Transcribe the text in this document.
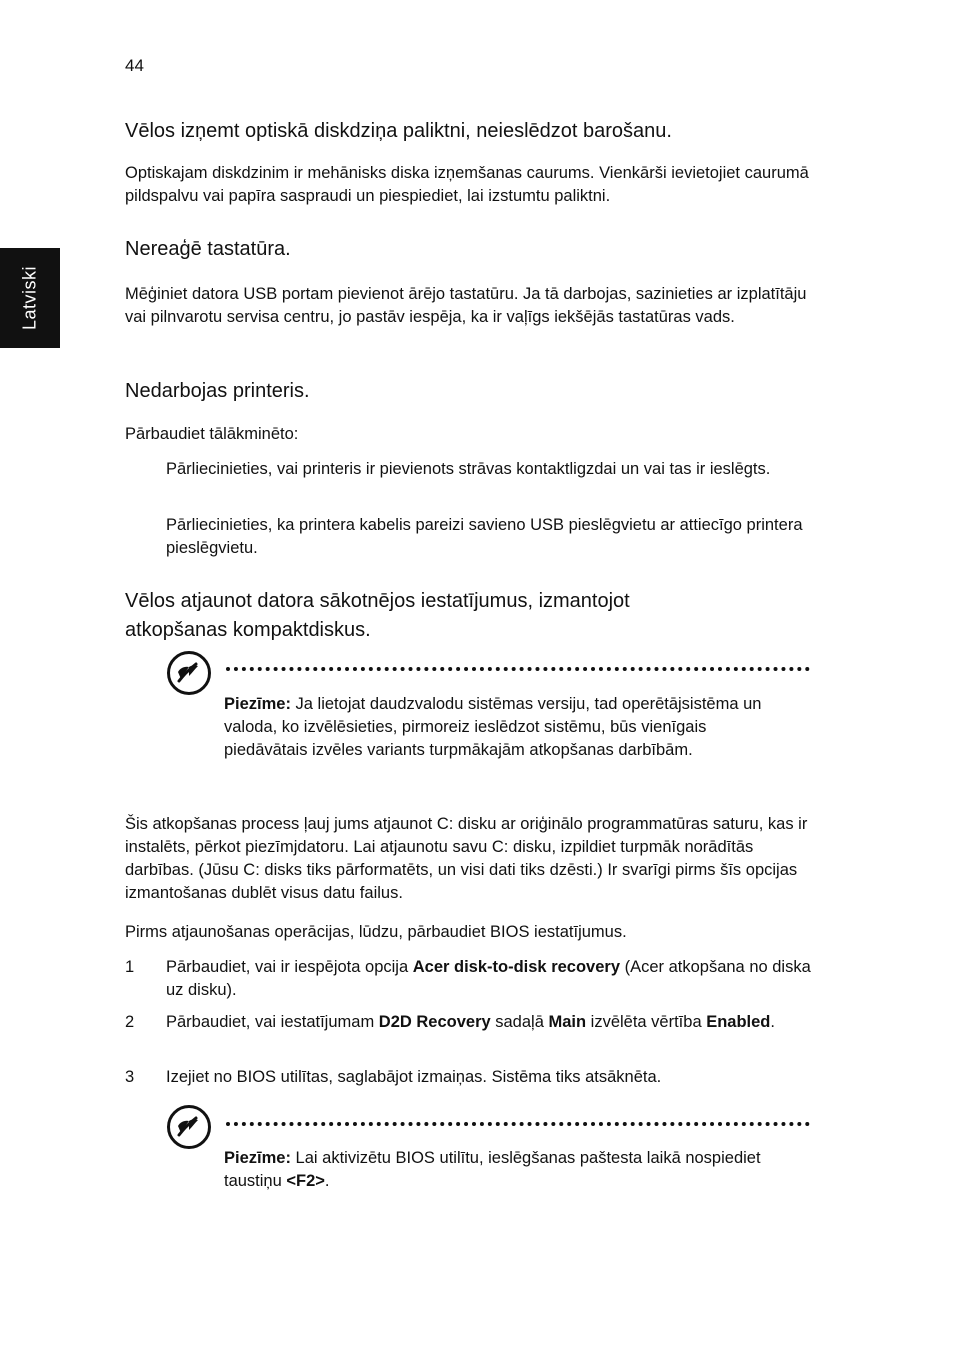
44
Latviski
Vēlos izņemt optiskā diskdziņa paliktni, neieslēdzot barošanu.
Optiskajam diskdzinim ir mehānisks diska izņemšanas caurums. Vienkārši ievietojiet caurumā pildspalvu vai papīra saspraudi un piespiediet, lai izstumtu paliktni.
Nereaģē tastatūra.
Mēģiniet datora USB portam pievienot ārējo tastatūru. Ja tā darbojas, sazinieties ar izplatītāju vai pilnvarotu servisa centru, jo pastāv iespēja, ka ir vaļīgs iekšējās tastatūras vads.
Nedarbojas printeris.
Pārbaudiet tālākminēto:
Pārliecinieties, vai printeris ir pievienots strāvas kontaktligzdai un vai tas ir ieslēgts.
Pārliecinieties, ka printera kabelis pareizi savieno USB pieslēgvietu ar attiecīgo printera pieslēgvietu.
Vēlos atjaunot datora sākotnējos iestatījumus, izmantojot atkopšanas kompaktdiskus.
Piezīme: Ja lietojat daudzvalodu sistēmas versiju, tad operētājsistēma un valoda, ko izvēlēsieties, pirmoreiz ieslēdzot sistēmu, būs vienīgais piedāvātais izvēles variants turpmākajām atkopšanas darbībām.
Šis atkopšanas process ļauj jums atjaunot C: disku ar oriģinālo programmatūras saturu, kas ir instalēts, pērkot piezīmjdatoru. Lai atjaunotu savu C: disku, izpildiet turpmāk norādītās darbības. (Jūsu C: disks tiks pārformatēts, un visi dati tiks dzēsti.) Ir svarīgi pirms šīs opcijas izmantošanas dublēt visus datu failus.
Pirms atjaunošanas operācijas, lūdzu, pārbaudiet BIOS iestatījumus.
1 Pārbaudiet, vai ir iespējota opcija Acer disk-to-disk recovery (Acer atkopšana no diska uz disku).
2 Pārbaudiet, vai iestatījumam D2D Recovery sadaļā Main izvēlēta vērtība Enabled.
3 Izejiet no BIOS utilītas, saglabājot izmaiņas. Sistēma tiks atsāknēta.
Piezīme: Lai aktivizētu BIOS utilītu, ieslēgšanas paštesta laikā nospiediet taustiņu <F2>.
